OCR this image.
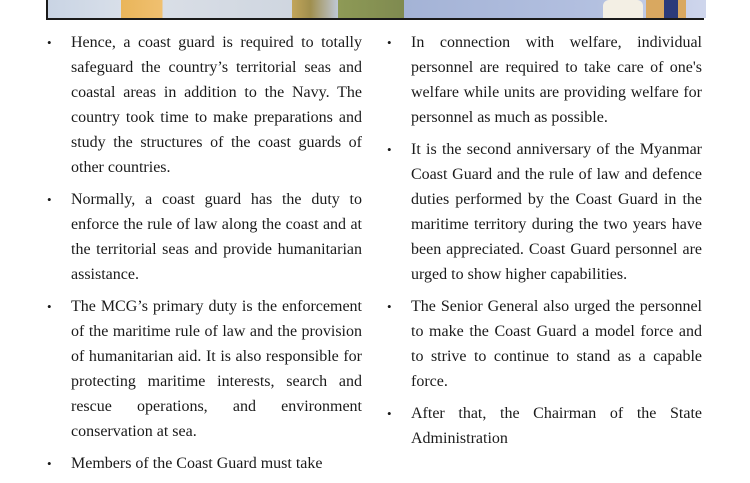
• Hence, a coast guard is required to totally safeguard the country’s territorial seas and coastal areas in addition to the Navy. The country took time to make preparations and study the structures of the coast guards of other countries.
• Normally, a coast guard has the duty to enforce the rule of law along the coast and at the territorial seas and provide humanitarian assistance.
• The MCG’s primary duty is the enforcement of the maritime rule of law and the provision of humanitarian aid. It is also responsible for protecting maritime interests, search and rescue operations, and environment conservation at sea.
• Members of the Coast Guard must take
• In connection with welfare, individual personnel are required to take care of one's welfare while units are providing welfare for personnel as much as possible.
• It is the second anniversary of the Myanmar Coast Guard and the rule of law and defence duties performed by the Coast Guard in the maritime territory during the two years have been appreciated. Coast Guard personnel are urged to show higher capabilities.
• The Senior General also urged the personnel to make the Coast Guard a model force and to strive to continue to stand as a capable force.
• After that, the Chairman of the State Administration
